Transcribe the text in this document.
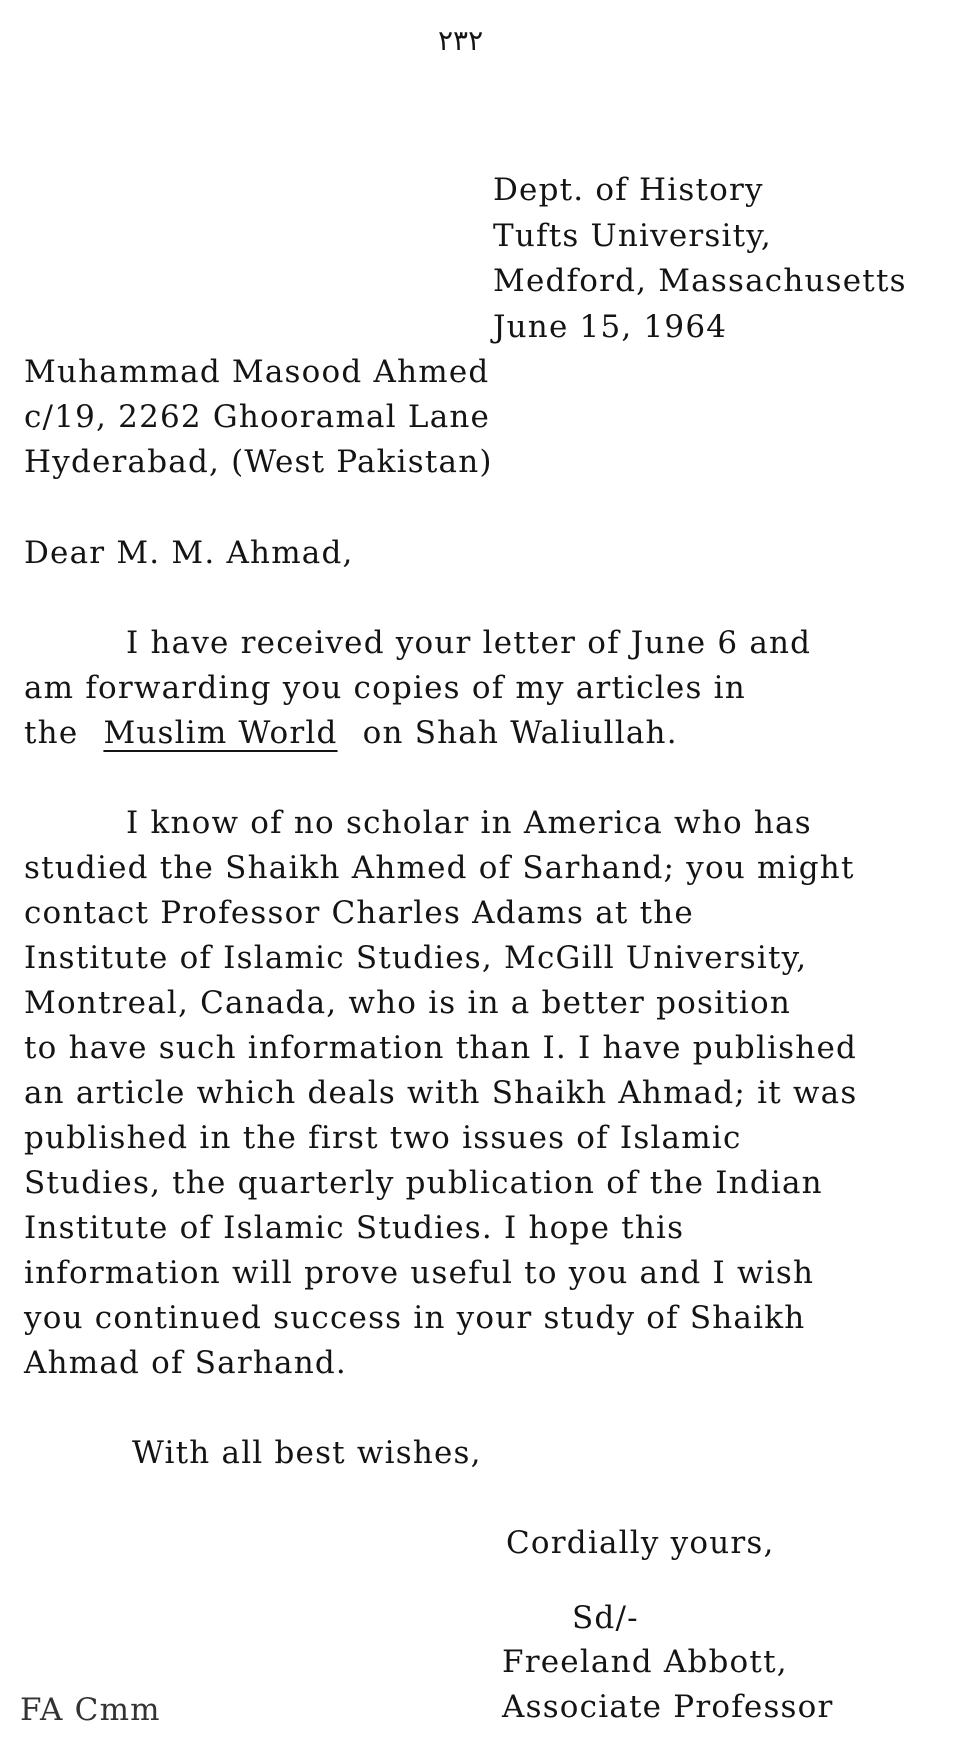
٢٣٢
Dept. of History
Tufts University,
Medford, Massachusetts
June 15, 1964
Muhammad Masood Ahmed
c/19, 2262 Ghooramal Lane
Hyderabad, (West Pakistan)
Dear M. M. Ahmad,
I have received your letter of June 6 and
am forwarding you copies of my articles in
the Muslim World on Shah Waliullah.
I know of no scholar in America who has
studied the Shaikh Ahmed of Sarhand; you might
contact Professor Charles Adams at the
Institute of Islamic Studies, McGill University,
Montreal, Canada, who is in a better position
to have such information than I. I have published
an article which deals with Shaikh Ahmad; it was
published in the first two issues of Islamic
Studies, the quarterly publication of the Indian
Institute of Islamic Studies. I hope this
information will prove useful to you and I wish
you continued success in your study of Shaikh
Ahmad of Sarhand.
With all best wishes,
Cordially yours,
Sd/-
Freeland Abbott,
Associate Professor
FA Cmm
